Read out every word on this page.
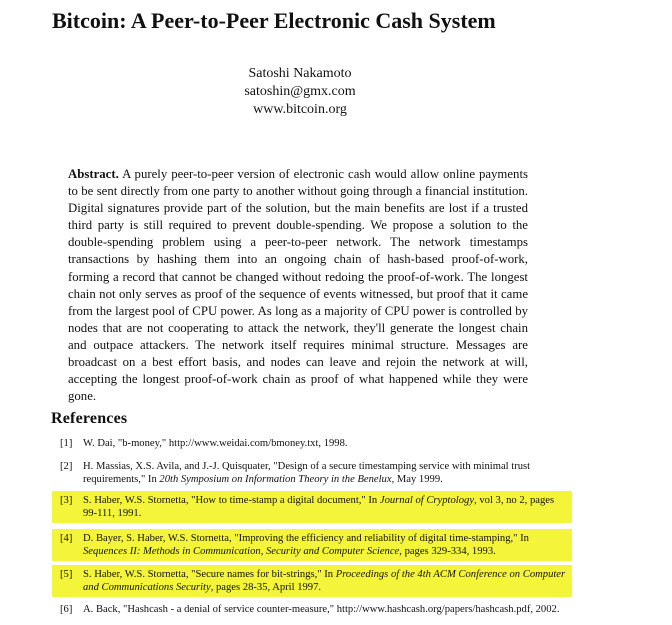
Bitcoin: A Peer-to-Peer Electronic Cash System
Satoshi Nakamoto
satoshin@gmx.com
www.bitcoin.org
Abstract. A purely peer-to-peer version of electronic cash would allow online payments to be sent directly from one party to another without going through a financial institution. Digital signatures provide part of the solution, but the main benefits are lost if a trusted third party is still required to prevent double-spending. We propose a solution to the double-spending problem using a peer-to-peer network. The network timestamps transactions by hashing them into an ongoing chain of hash-based proof-of-work, forming a record that cannot be changed without redoing the proof-of-work. The longest chain not only serves as proof of the sequence of events witnessed, but proof that it came from the largest pool of CPU power. As long as a majority of CPU power is controlled by nodes that are not cooperating to attack the network, they'll generate the longest chain and outpace attackers. The network itself requires minimal structure. Messages are broadcast on a best effort basis, and nodes can leave and rejoin the network at will, accepting the longest proof-of-work chain as proof of what happened while they were gone.
References
[1] W. Dai, "b-money," http://www.weidai.com/bmoney.txt, 1998.
[2] H. Massias, X.S. Avila, and J.-J. Quisquater, "Design of a secure timestamping service with minimal trust requirements," In 20th Symposium on Information Theory in the Benelux, May 1999.
[3] S. Haber, W.S. Stornetta, "How to time-stamp a digital document," In Journal of Cryptology, vol 3, no 2, pages 99-111, 1991.
[4] D. Bayer, S. Haber, W.S. Stornetta, "Improving the efficiency and reliability of digital time-stamping," In Sequences II: Methods in Communication, Security and Computer Science, pages 329-334, 1993.
[5] S. Haber, W.S. Stornetta, "Secure names for bit-strings," In Proceedings of the 4th ACM Conference on Computer and Communications Security, pages 28-35, April 1997.
[6] A. Back, "Hashcash - a denial of service counter-measure," http://www.hashcash.org/papers/hashcash.pdf, 2002.
